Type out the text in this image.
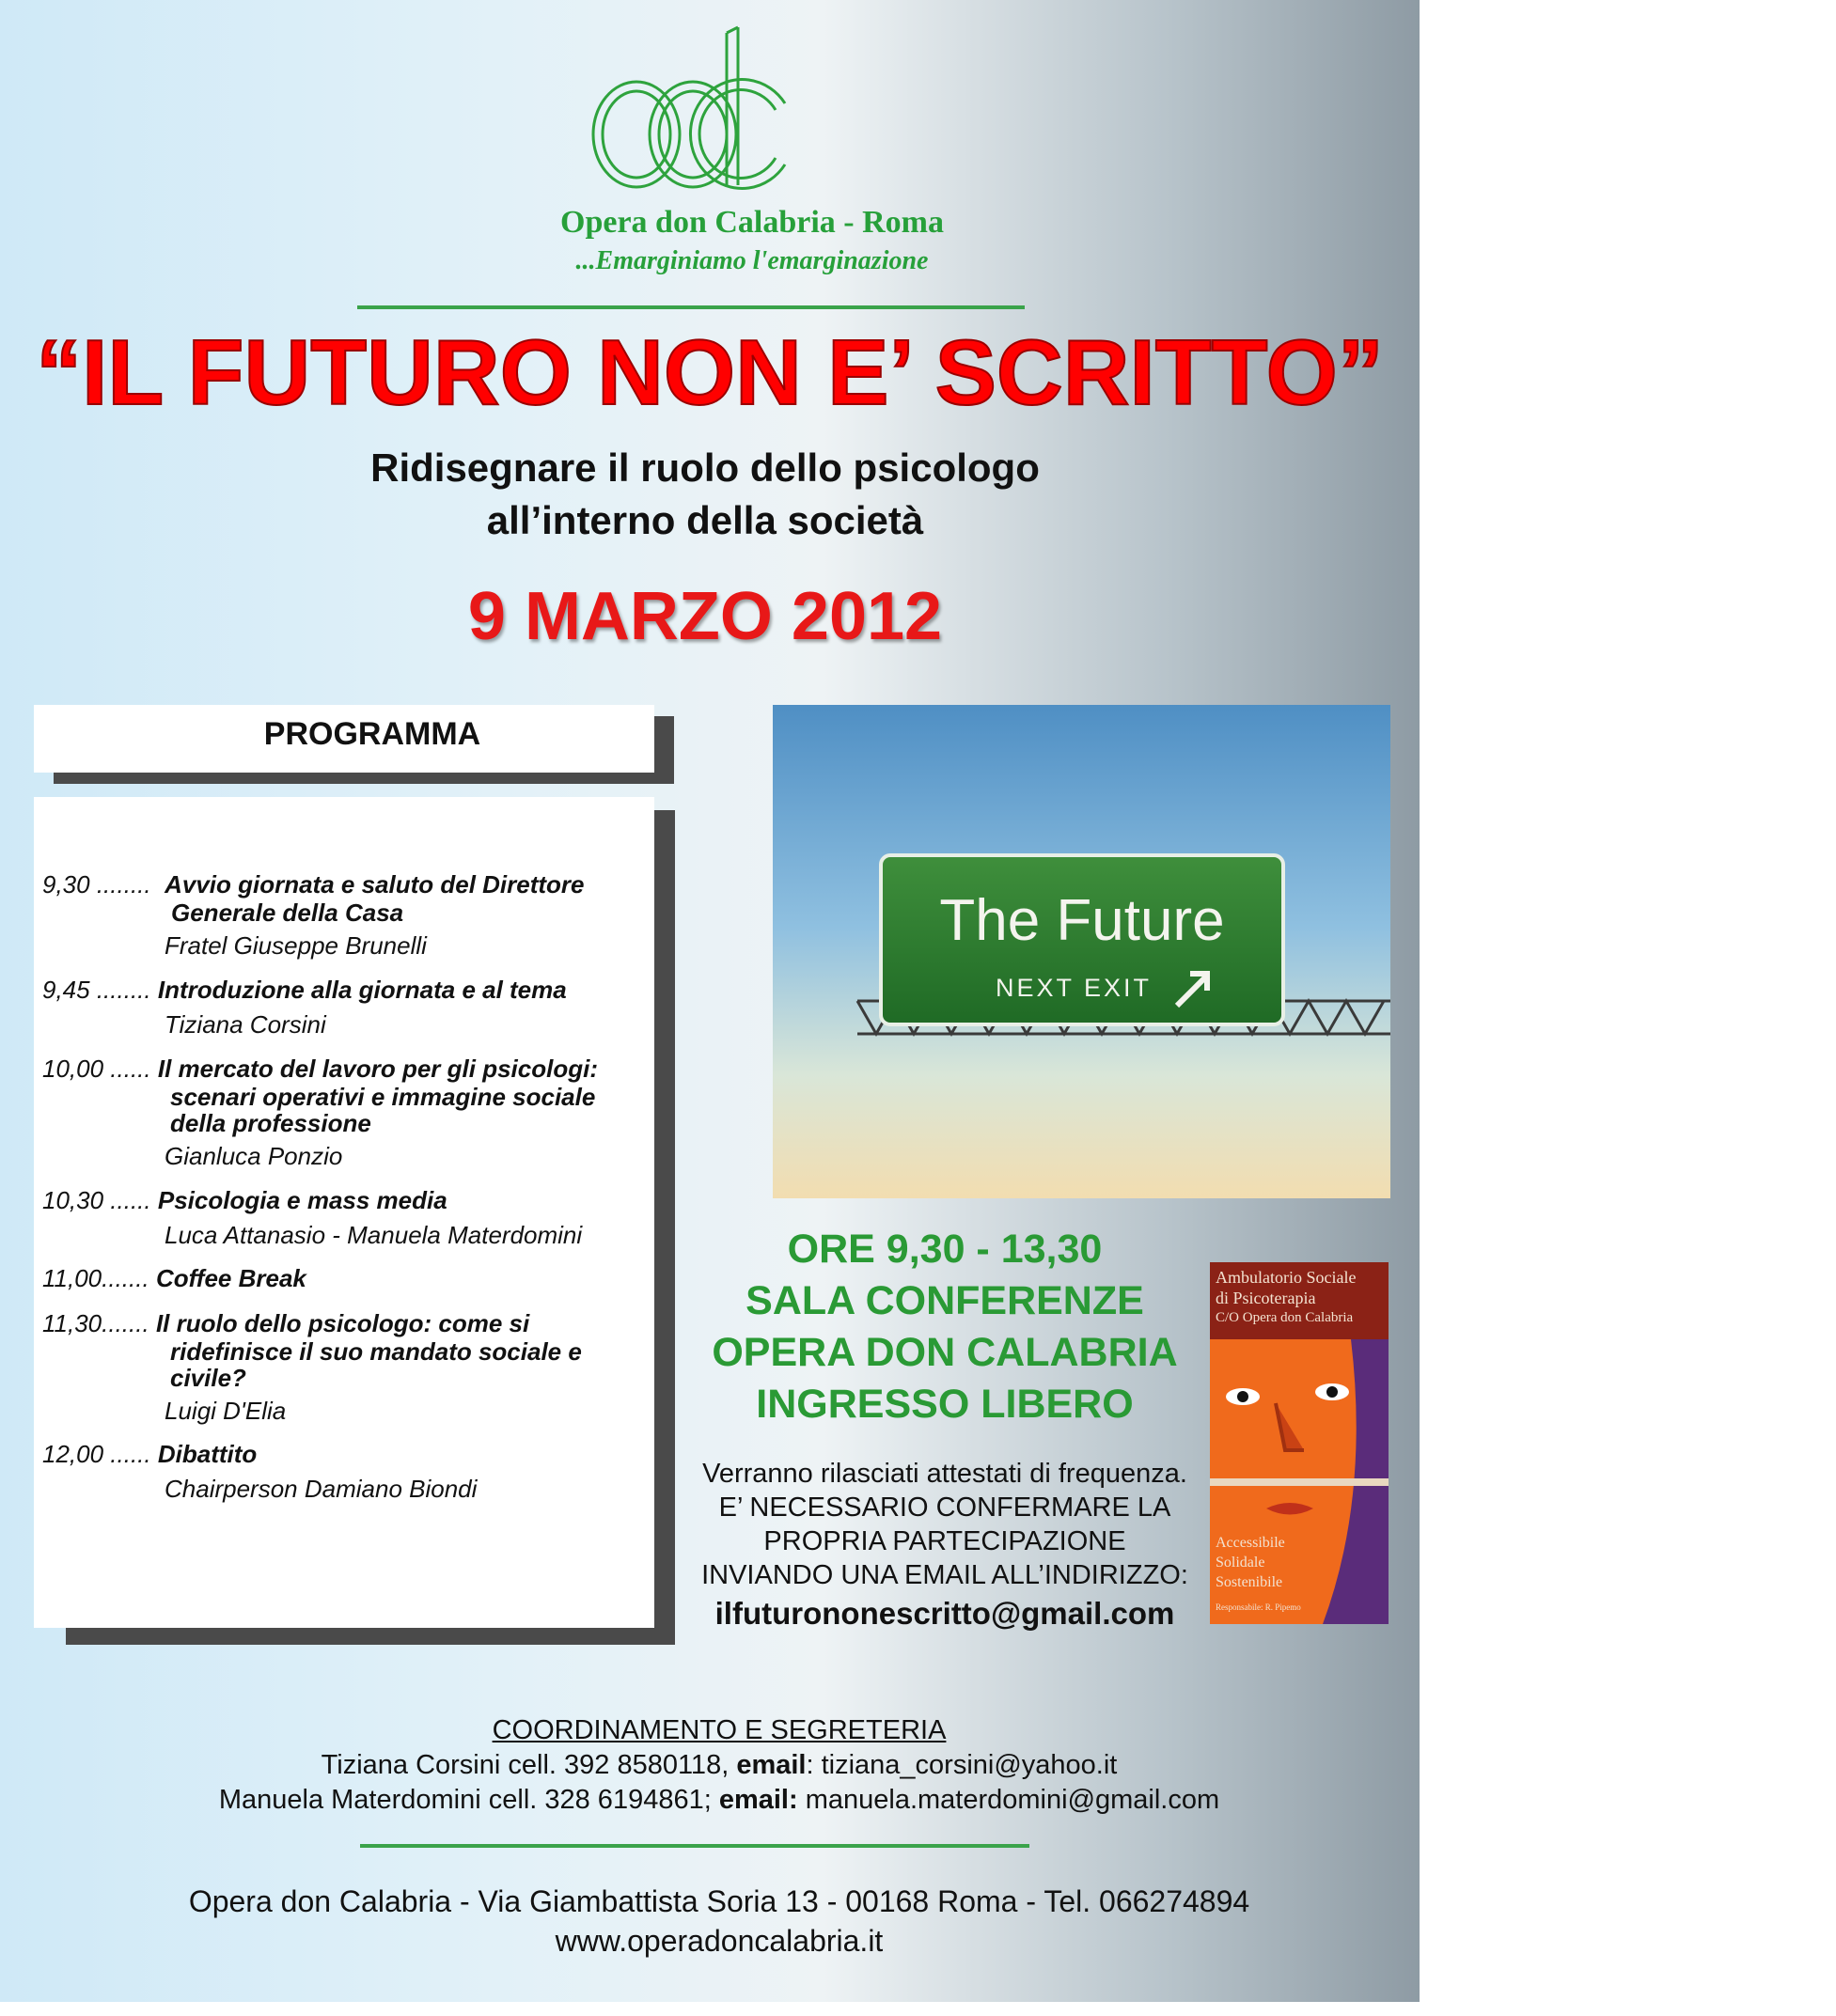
Opera don Calabria - Roma
...Emarginiamo l'emarginazione
“IL FUTURO NON E’ SCRITTO”
Ridisegnare il ruolo dello psicologo
all’interno della società
9 MARZO 2012
PROGRAMMA
9,30 ........ Avvio giornata e saluto del Direttore
Generale della Casa
Fratel Giuseppe Brunelli
9,45 ........ Introduzione alla giornata e al tema
Tiziana Corsini
10,00 ...... Il mercato del lavoro per gli psicologi:
scenari operativi e immagine sociale
della professione
Gianluca Ponzio
10,30 ...... Psicologia e mass media
Luca Attanasio - Manuela Materdomini
11,00....... Coffee Break
11,30....... Il ruolo dello psicologo: come si
ridefinisce il suo mandato sociale e
civile?
Luigi D'Elia
12,00 ...... Dibattito
Chairperson Damiano Biondi
The Future
NEXT EXIT
ORE 9,30 - 13,30
SALA CONFERENZE
OPERA DON CALABRIA
INGRESSO LIBERO
Verranno rilasciati attestati di frequenza.
E’ NECESSARIO CONFERMARE LA
PROPRIA PARTECIPAZIONE
INVIANDO UNA EMAIL ALL’INDIRIZZO:
ilfuturononescritto@gmail.com
Ambulatorio Sociale
di Psicoterapia
C/O Opera don Calabria
Accessibile
Solidale
Sostenibile
Responsabile: R. Pipemo
COORDINAMENTO E SEGRETERIA
Tiziana Corsini cell. 392 8580118, email: tiziana_corsini@yahoo.it
Manuela Materdomini cell. 328 6194861; email: manuela.materdomini@gmail.com
Opera don Calabria - Via Giambattista Soria 13 - 00168 Roma - Tel. 066274894
www.operadoncalabria.it
